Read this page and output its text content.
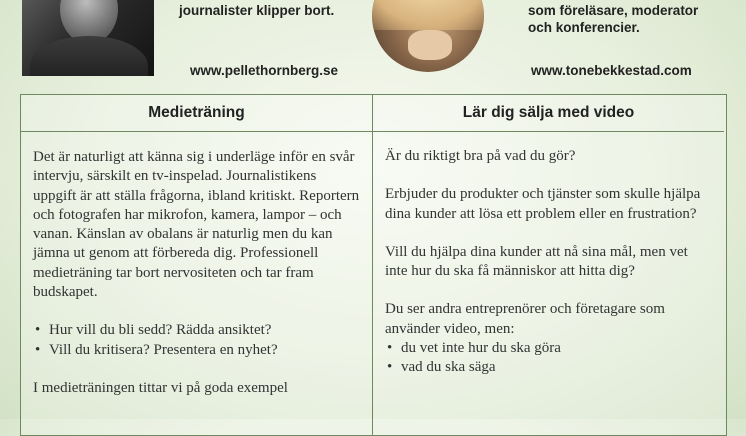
journalister klipper bort.
www.pellethornberg.se
som föreläsare, moderator
och konferencier.
www.tonebekkestad.com
Medieträning

Det är naturligt att känna sig i underläge inför en svår intervju, särskilt en tv-inspelad. Journalistikens uppgift är att ställa frågorna, ibland kritiskt. Reportern och fotografen har mikrofon, kamera, lampor – och vanan. Känslan av obalans är naturlig men du kan jämna ut genom att förbereda dig. Professionell medieträning tar bort nervositeten och tar fram budskapet.

• Hur vill du bli sedd? Rädda ansiktet?
• Vill du kritisera? Presentera en nyhet?

I medieträningen tittar vi på goda exempel

Lär dig sälja med video

Är du riktigt bra på vad du gör?

Erbjuder du produkter och tjänster som skulle hjälpa dina kunder att lösa ett problem eller en frustration?

Vill du hjälpa dina kunder att nå sina mål, men vet inte hur du ska få människor att hitta dig?

Du ser andra entreprenörer och företagare som använder video, men:

• du vet inte hur du ska göra
• vad du ska säga
